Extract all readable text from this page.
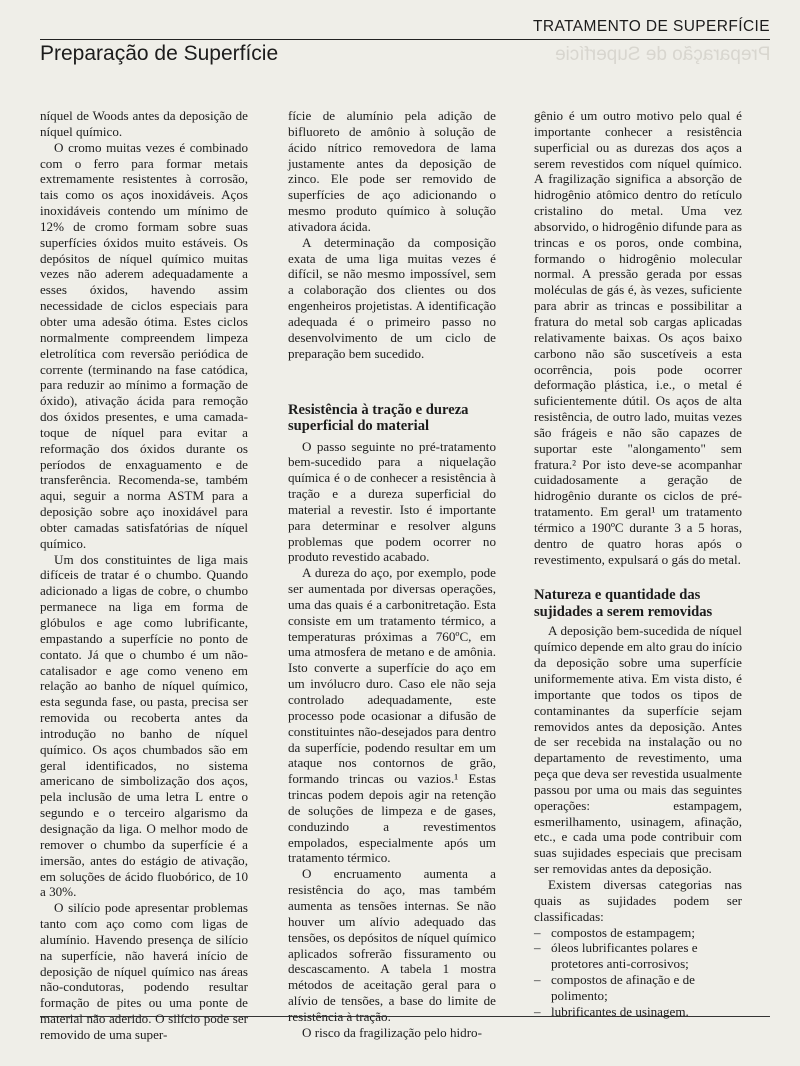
TRATAMENTO DE SUPERFÍCIE
Preparação de Superfície	Preparação de Superfície

níquel de Woods antes da deposição de níquel químico.

O cromo muitas vezes é combinado com o ferro para formar metais extremamente resistentes à corrosão, tais como os aços inoxidáveis. Aços inoxidáveis contendo um mínimo de 12% de cromo formam sobre suas superfícies óxidos muito estáveis. Os depósitos de níquel químico muitas vezes não aderem adequadamente a esses óxidos, havendo assim necessidade de ciclos especiais para obter uma adesão ótima. Estes ciclos normalmente compreendem limpeza eletrolítica com reversão periódica de corrente (terminando na fase catódica, para reduzir ao mínimo a formação de óxido), ativação ácida para remoção dos óxidos presentes, e uma camada-toque de níquel para evitar a reformação dos óxidos durante os períodos de enxaguamento e de transferência. Recomenda-se, também aqui, seguir a norma ASTM para a deposição sobre aço inoxidável para obter camadas satisfatórias de níquel químico.

Um dos constituintes de liga mais difíceis de tratar é o chumbo. Quando adicionado a ligas de cobre, o chumbo permanece na liga em forma de glóbulos e age como lubrificante, empastando a superfície no ponto de contato. Já que o chumbo é um não-catalisador e age como veneno em relação ao banho de níquel químico, esta segunda fase, ou pasta, precisa ser removida ou recoberta antes da introdução no banho de níquel químico. Os aços chumbados são em geral identificados, no sistema americano de simbolização dos aços, pela inclusão de uma letra L entre o segundo e o terceiro algarismo da designação da liga. O melhor modo de remover o chumbo da superfície é a imersão, antes do estágio de ativação, em soluções de ácido fluobórico, de 10 a 30%.

O silício pode apresentar problemas tanto com aço como com ligas de alumínio. Havendo presença de silício na superfície, não haverá início de deposição de níquel químico nas áreas não-condutoras, podendo resultar formação de pites ou uma ponte de material não aderido. O silício pode ser removido de uma super-

fície de alumínio pela adição de bifluoreto de amônio à solução de ácido nítrico removedora de lama justamente antes da deposição de zinco. Ele pode ser removido de superfícies de aço adicionando o mesmo produto químico à solução ativadora ácida.

A determinação da composição exata de uma liga muitas vezes é difícil, se não mesmo impossível, sem a colaboração dos clientes ou dos engenheiros projetistas. A identificação adequada é o primeiro passo no desenvolvimento de um ciclo de preparação bem sucedido.

Resistência à tração e dureza superficial do material

O passo seguinte no pré-tratamento bem-sucedido para a niquelação química é o de conhecer a resistência à tração e a dureza superficial do material a revestir. Isto é importante para determinar e resolver alguns problemas que podem ocorrer no produto revestido acabado.

A dureza do aço, por exemplo, pode ser aumentada por diversas operações, uma das quais é a carbonitretação. Esta consiste em um tratamento térmico, a temperaturas próximas a 760ºC, em uma atmosfera de metano e de amônia. Isto converte a superfície do aço em um invólucro duro. Caso ele não seja controlado adequadamente, este processo pode ocasionar a difusão de constituintes não-desejados para dentro da superfície, podendo resultar em um ataque nos contornos de grão, formando trincas ou vazios.¹ Estas trincas podem depois agir na retenção de soluções de limpeza e de gases, conduzindo a revestimentos empolados, especialmente após um tratamento térmico.

O encruamento aumenta a resistência do aço, mas também aumenta as tensões internas. Se não houver um alívio adequado das tensões, os depósitos de níquel químico aplicados sofrerão fissuramento ou descascamento. A tabela 1 mostra métodos de aceitação geral para o alívio de tensões, a base do limite de resistência à tração.

O risco da fragilização pelo hidro-

gênio é um outro motivo pelo qual é importante conhecer a resistência superficial ou as durezas dos aços a serem revestidos com níquel químico. A fragilização significa a absorção de hidrogênio atômico dentro do retículo cristalino do metal. Uma vez absorvido, o hidrogênio difunde para as trincas e os poros, onde combina, formando o hidrogênio molecular normal. A pressão gerada por essas moléculas de gás é, às vezes, suficiente para abrir as trincas e possibilitar a fratura do metal sob cargas aplicadas relativamente baixas. Os aços baixo carbono não são suscetíveis a esta ocorrência, pois pode ocorrer deformação plástica, i.e., o metal é suficientemente dútil. Os aços de alta resistência, de outro lado, muitas vezes são frágeis e não são capazes de suportar este "alongamento" sem fratura.² Por isto deve-se acompanhar cuidadosamente a geração de hidrogênio durante os ciclos de pré-tratamento. Em geral¹ um tratamento térmico a 190ºC durante 3 a 5 horas, dentro de quatro horas após o revestimento, expulsará o gás do metal.

Natureza e quantidade das sujidades a serem removidas

A deposição bem-sucedida de níquel químico depende em alto grau do início da deposição sobre uma superfície uniformemente ativa. Em vista disto, é importante que todos os tipos de contaminantes da superfície sejam removidos antes da deposição. Antes de ser recebida na instalação ou no departamento de revestimento, uma peça que deva ser revestida usualmente passou por uma ou mais das seguintes operações: estampagem, esmerilhamento, usinagem, afinação, etc., e cada uma pode contribuir com suas sujidades especiais que precisam ser removidas antes da deposição.

Existem diversas categorias nas quais as sujidades podem ser classificadas:

– compostos de estampagem;
– óleos lubrificantes polares e protetores anti-corrosivos;
– compostos de afinação e de polimento;
– lubrificantes de usinagem.
